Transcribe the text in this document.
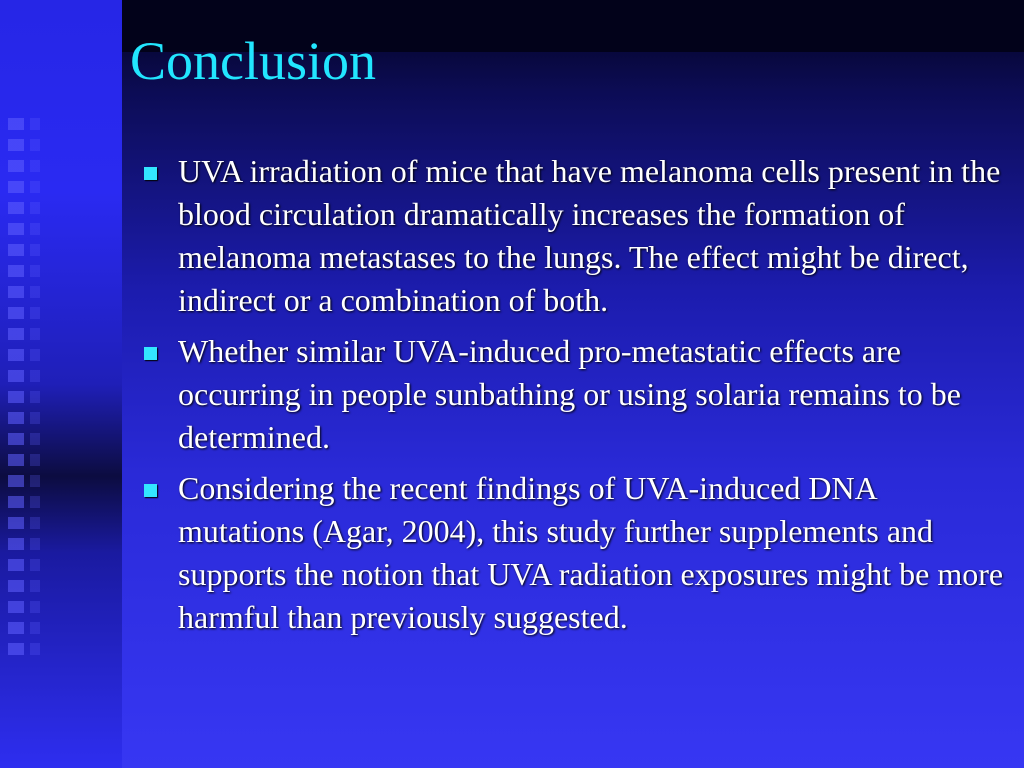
Conclusion
UVA irradiation of mice that have melanoma cells present in the blood circulation dramatically increases the formation of melanoma metastases to the lungs. The effect might be direct, indirect or a combination of both.
Whether similar UVA-induced pro-metastatic effects are occurring in people sunbathing or using solaria remains to be determined.
Considering the recent findings of UVA-induced DNA mutations (Agar, 2004), this study further supplements and supports the notion that UVA radiation exposures might be more harmful than previously suggested.
